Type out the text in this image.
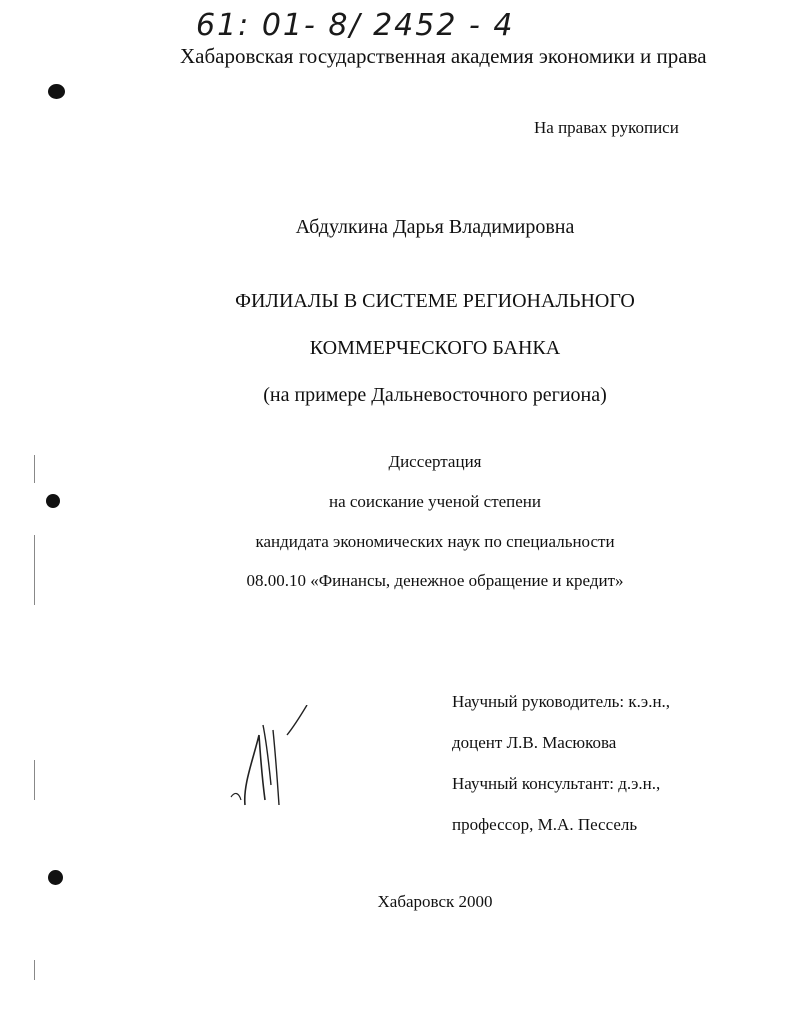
61: 01- 8/ 2452 - 4
Хабаровская государственная академия экономики и права
На правах рукописи
Абдулкина Дарья Владимировна
ФИЛИАЛЫ В СИСТЕМЕ РЕГИОНАЛЬНОГО
КОММЕРЧЕСКОГО БАНКА
(на примере Дальневосточного региона)
Диссертация
на соискание ученой степени
кандидата экономических наук по специальности
08.00.10 «Финансы, денежное обращение и кредит»
Научный руководитель: к.э.н.,
доцент Л.В. Масюкова
Научный консультант: д.э.н.,
профессор, М.А. Пессель
Хабаровск 2000
